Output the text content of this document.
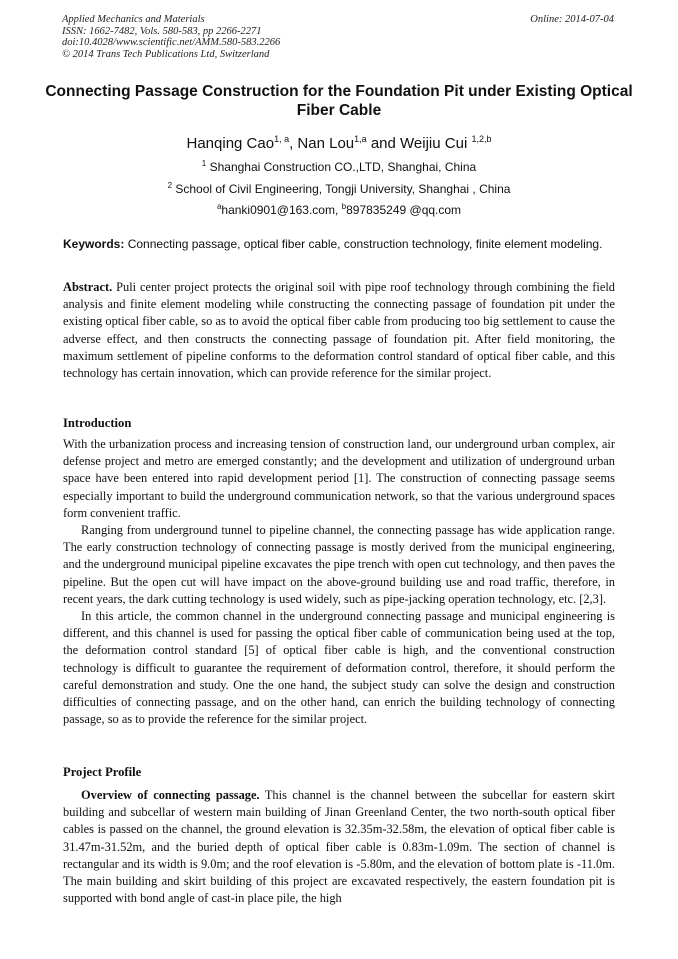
Applied Mechanics and Materials
ISSN: 1662-7482, Vols. 580-583, pp 2266-2271
doi:10.4028/www.scientific.net/AMM.580-583.2266
© 2014 Trans Tech Publications Ltd, Switzerland
Online: 2014-07-04
Connecting Passage Construction for the Foundation Pit under Existing Optical Fiber Cable
Hanqing Cao$^{1, a}$, Nan Lou$^{1,a}$ and Weijiu Cui $^{1,2,b}$
$^1$ Shanghai Construction CO.,LTD, Shanghai, China
$^2$ School of Civil Engineering, Tongji University, Shanghai , China
$^a$hanki0901@163.com, $^b$897835249 @qq.com
Keywords: Connecting passage, optical fiber cable, construction technology, finite element modeling.

Abstract. Puli center project protects the original soil with pipe roof technology through combining the field analysis and finite element modeling while constructing the connecting passage of foundation pit under the existing optical fiber cable, so as to avoid the optical fiber cable from producing too big settlement to cause the adverse effect, and then constructs the connecting passage of foundation pit. After field monitoring, the maximum settlement of pipeline conforms to the deformation control standard of optical fiber cable, and this technology has certain innovation, which can provide reference for the similar project.

Introduction

With the urbanization process and increasing tension of construction land, our underground urban complex, air defense project and metro are emerged constantly; and the development and utilization of underground urban space have been entered into rapid development period [1]. The construction of connecting passage seems especially important to build the underground communication network, so that the various underground spaces form convenient traffic.

Ranging from underground tunnel to pipeline channel, the connecting passage has wide application range. The early construction technology of connecting passage is mostly derived from the municipal engineering, and the underground municipal pipeline excavates the pipe trench with open cut technology, and then paves the pipeline. But the open cut will have impact on the above-ground building use and road traffic, therefore, in recent years, the dark cutting technology is used widely, such as pipe-jacking operation technology, etc. [2,3].

In this article, the common channel in the underground connecting passage and municipal engineering is different, and this channel is used for passing the optical fiber cable of communication being used at the top, the deformation control standard [5] of optical fiber cable is high, and the conventional construction technology is difficult to guarantee the requirement of deformation control, therefore, it should perform the careful demonstration and study. One the one hand, the subject study can solve the design and construction difficulties of connecting passage, and on the other hand, can enrich the building technology of connecting passage, so as to provide the reference for the similar project.

Project Profile

Overview of connecting passage. This channel is the channel between the subcellar for eastern skirt building and subcellar of western main building of Jinan Greenland Center, the two north-south optical fiber cables is passed on the channel, the ground elevation is 32.35m-32.58m, the elevation of optical fiber cable is 31.47m-31.52m, and the buried depth of optical fiber cable is 0.83m-1.09m. The section of channel is rectangular and its width is 9.0m; and the roof elevation is -5.80m, and the elevation of bottom plate is -11.0m. The main building and skirt building of this project are excavated respectively, the eastern foundation pit is supported with bond angle of cast-in place pile, the high
